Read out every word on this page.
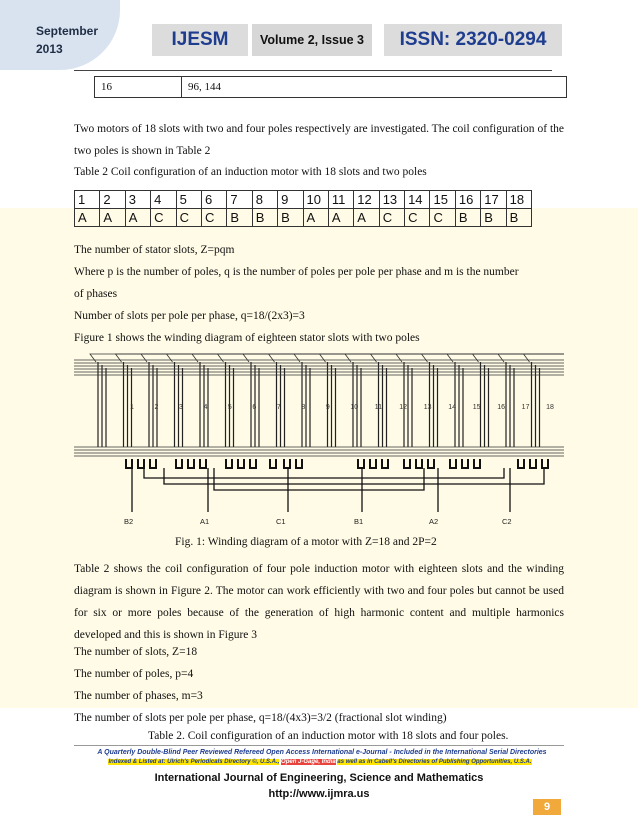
September
2013	IJESM	Volume 2, Issue 3	ISSN: 2320-0294
16	96, 144
Two motors of 18 slots with two and four poles respectively are investigated. The coil configuration of the two poles is shown in Table 2
Table 2 Coil configuration of an induction motor with 18 slots and two poles
1	2	3	4	5	6	7	8	9	10	11	12	13	14	15	16	17	18
A	A	A	C	C	C	B	B	B	A	A	A	C	C	C	B	B	B
The number of stator slots, Z=pqm
Where p is the number of poles, q is the number of poles per pole per phase and m is the number
of phases
Number of slots per pole per phase, q=18/(2x3)=3
Figure 1 shows the winding diagram of eighteen stator slots with two poles
1	2	3	4	5	6	7	8	9	10 11 12 13 14 15 16 17 18
B2	A1	C1	B1	A2	C2
Fig. 1: Winding diagram of a motor with Z=18 and 2P=2
Table 2 shows the coil configuration of four pole induction motor with eighteen slots and the winding diagram is shown in Figure 2. The motor can work efficiently with two and four poles but cannot be used for six or more poles because of the generation of high harmonic content and multiple harmonics developed and this is shown in Figure 3
The number of slots, Z=18
The number of poles, p=4
The number of phases, m=3
The number of slots per pole per phase, q=18/(4x3)=3/2 (fractional slot winding)
Table 2. Coil configuration of an induction motor with 18 slots and four poles.
A Quarterly Double-Blind Peer Reviewed Refereed Open Access International e-Journal - Included in the International Serial Directories
Indexed & Listed at: Ulrich's Periodicals Directory ©, U.S.A., Open J-Gage, India as well as in Cabell's Directories of Publishing Opportunities, U.S.A.
International Journal of Engineering, Science and Mathematics
http://www.ijmra.us
9
